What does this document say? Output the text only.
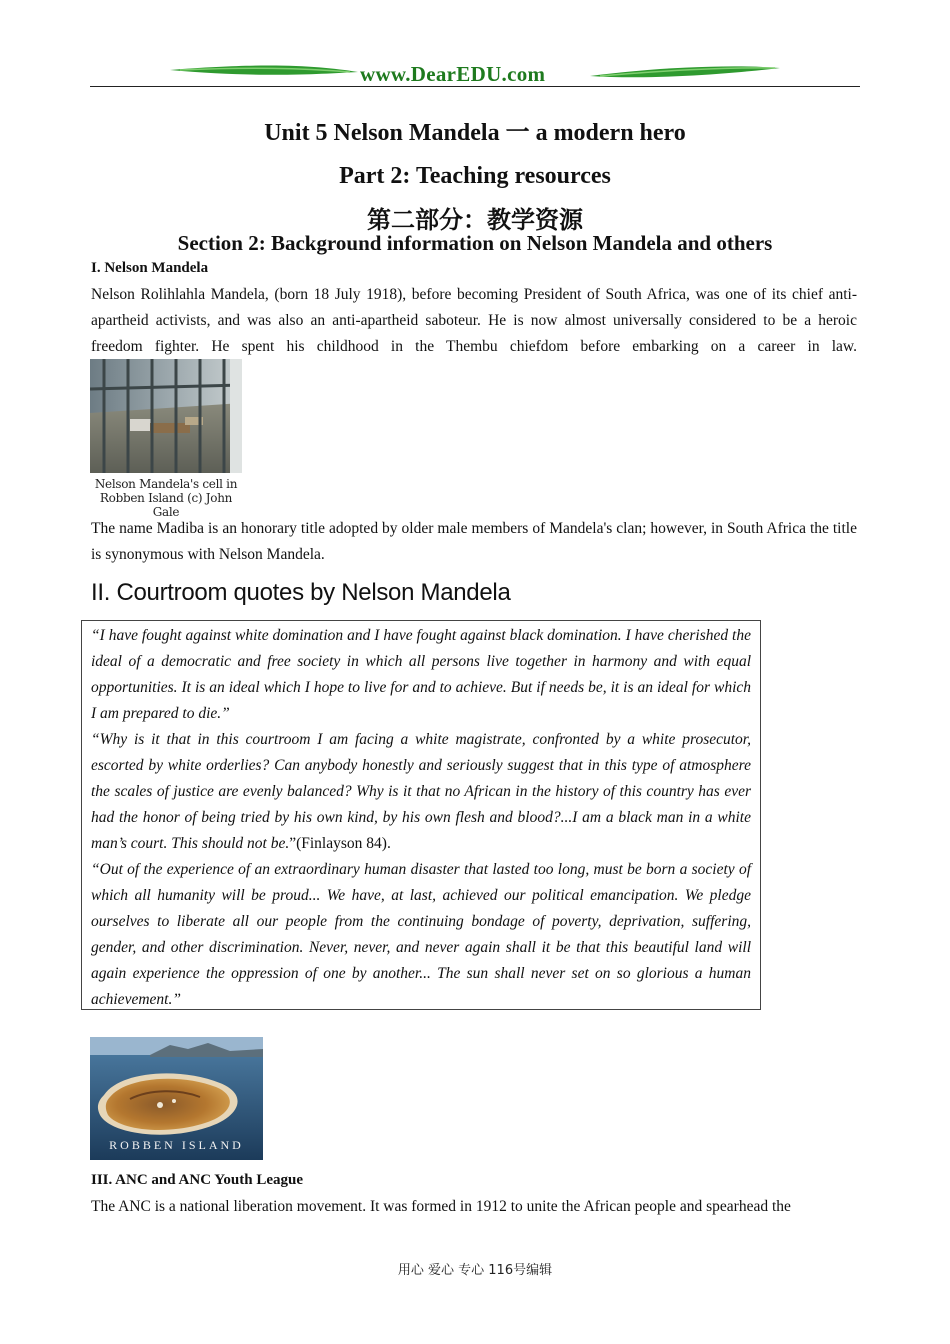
www.DearEDU.com
Unit 5 Nelson Mandela 一 a modern hero
Part 2: Teaching resources
第二部分：教学资源
Section 2: Background information on Nelson Mandela and others
I. Nelson Mandela
Nelson Rolihlahla Mandela, (born 18 July 1918), before becoming President of South Africa, was one of its chief anti-apartheid activists, and was also an anti-apartheid saboteur. He is now almost universally considered to be a heroic freedom fighter. He spent his childhood in the Thembu chiefdom before embarking on a career in law.
Nelson Mandela's cell in
Robben Island (c) John Gale
The name Madiba is an honorary title adopted by older male members of Mandela's clan; however, in South Africa the title is synonymous with Nelson Mandela.
II. Courtroom quotes by Nelson Mandela

“I have fought against white domination and I have fought against black domination. I have cherished the ideal of a democratic and free society in which all persons live together in harmony and with equal opportunities. It is an ideal which I hope to live for and to achieve. But if needs be, it is an ideal for which I am prepared to die.”

“Why is it that in this courtroom I am facing a white magistrate, confronted by a white prosecutor, escorted by white orderlies? Can anybody honestly and seriously suggest that in this type of atmosphere the scales of justice are evenly balanced? Why is it that no African in the history of this country has ever had the honor of being tried by his own kind, by his own flesh and blood?...I am a black man in a white man’s court. This should not be.”(Finlayson 84).

“Out of the experience of an extraordinary human disaster that lasted too long, must be born a society of which all humanity will be proud... We have, at last, achieved our political emancipation. We pledge ourselves to liberate all our people from the continuing bondage of poverty, deprivation, suffering, gender, and other discrimination. Never, never, and never again shall it be that this beautiful land will again experience the oppression of one by another... The sun shall never set on so glorious a human achievement.”

ROBBEN ISLAND
III. ANC and ANC Youth League
The ANC is a national liberation movement. It was formed in 1912 to unite the African people and spearhead the
用心 爱心 专心 116号编辑
